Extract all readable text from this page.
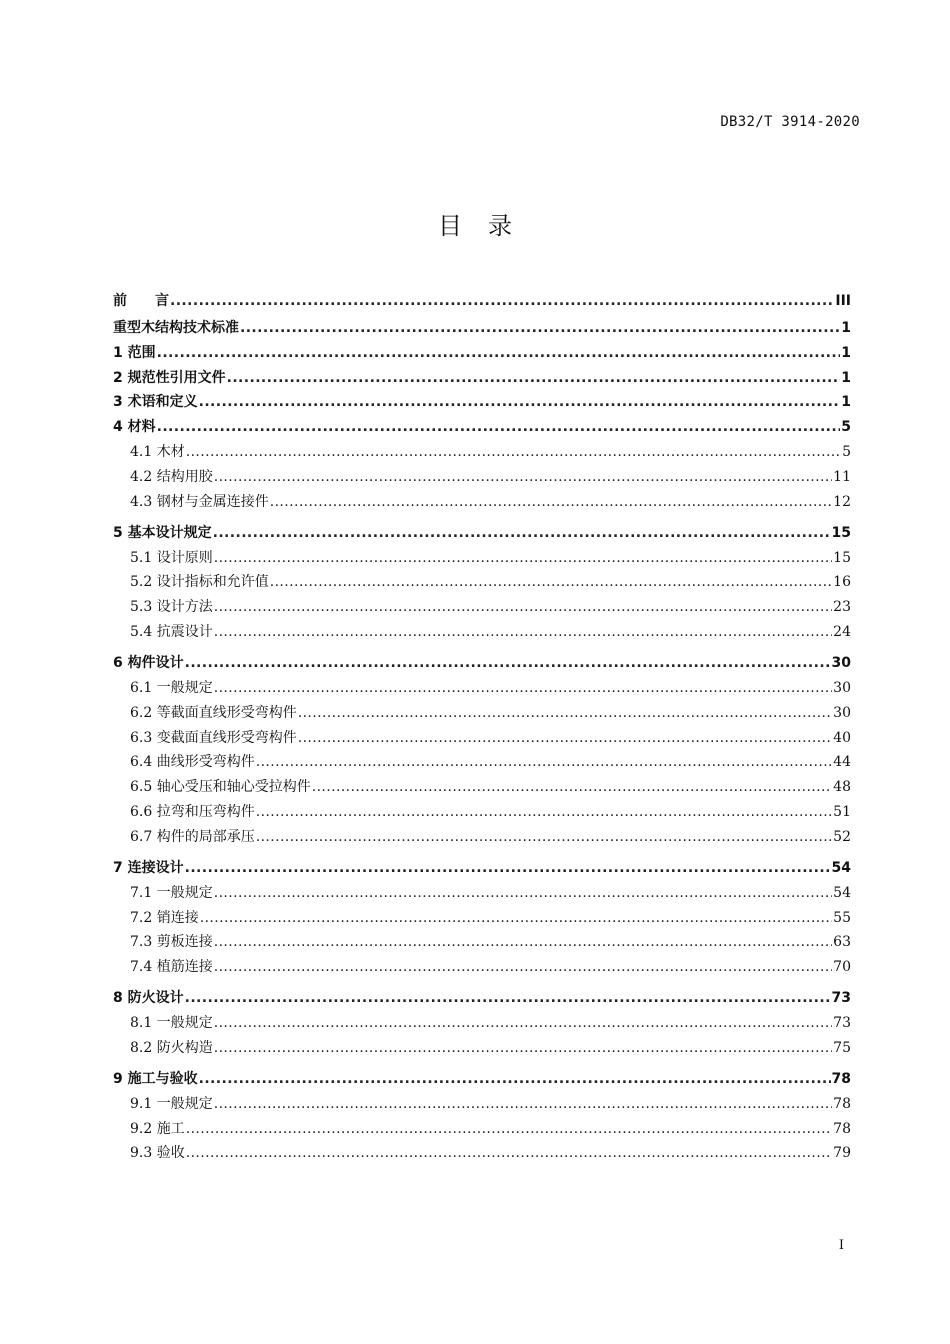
DB32/T 3914-2020
目录
前　　言 .....	III
重型木结构技术标准 .....	1
1 范围 .....	1
2 规范性引用文件 .....	1
3 术语和定义 .....	1
4 材料 .....	5
4.1 木材 .....	5
4.2 结构用胶 .....	11
4.3 钢材与金属连接件 .....	12
5 基本设计规定 .....	15
5.1 设计原则 .....	15
5.2 设计指标和允许值 .....	16
5.3 设计方法 .....	23
5.4 抗震设计 .....	24
6 构件设计 .....	30
6.1 一般规定 .....	30
6.2 等截面直线形受弯构件 .....	30
6.3 变截面直线形受弯构件 .....	40
6.4 曲线形受弯构件 .....	44
6.5 轴心受压和轴心受拉构件 .....	48
6.6 拉弯和压弯构件 .....	51
6.7 构件的局部承压 .....	52
7 连接设计 .....	54
7.1 一般规定 .....	54
7.2 销连接 .....	55
7.3 剪板连接 .....	63
7.4 植筋连接 .....	70
8 防火设计 .....	73
8.1 一般规定 .....	73
8.2 防火构造 .....	75
9 施工与验收 .....	78
9.1 一般规定 .....	78
9.2 施工 .....	78
9.3 验收 .....	79
I
